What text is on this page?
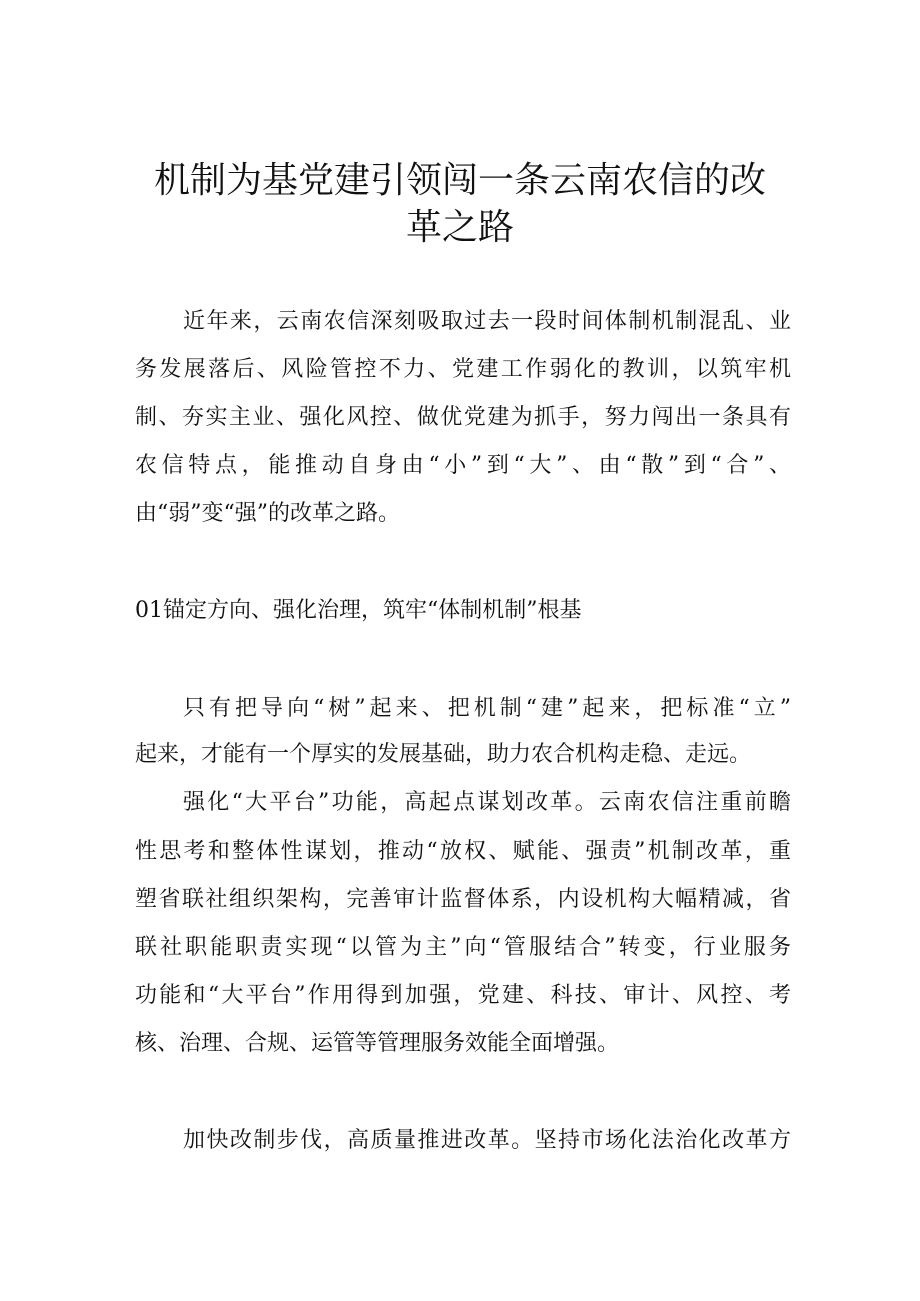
机制为基党建引领闯一条云南农信的改
革之路

近年来，云南农信深刻吸取过去一段时间体制机制混乱、业

务发展落后、风险管控不力、党建工作弱化的教训，以筑牢机

制、夯实主业、强化风控、做优党建为抓手，努力闯出一条具有

农信特点，能推动自身由“小”到“大”、由“散”到“合”、

由“弱”变“强”的改革之路。

01锚定方向、强化治理，筑牢“体制机制”根基

只有把导向“树”起来、把机制“建”起来，把标准“立”

起来，才能有一个厚实的发展基础，助力农合机构走稳、走远。

强化“大平台”功能，高起点谋划改革。云南农信注重前瞻

性思考和整体性谋划，推动“放权、赋能、强责”机制改革，重

塑省联社组织架构，完善审计监督体系，内设机构大幅精减，省

联社职能职责实现“以管为主”向“管服结合”转变，行业服务

功能和“大平台”作用得到加强，党建、科技、审计、风控、考

核、治理、合规、运管等管理服务效能全面增强。

加快改制步伐，高质量推进改革。坚持市场化法治化改革方
